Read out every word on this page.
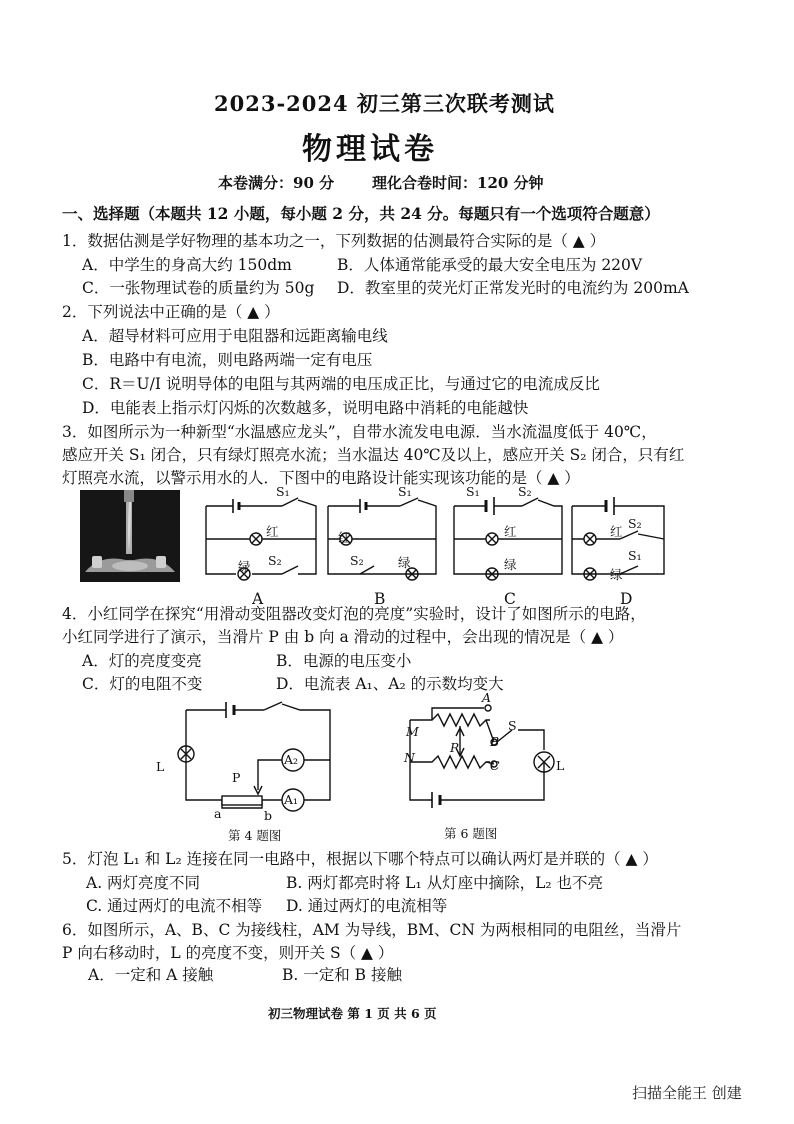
2023-2024 初三第三次联考测试
物理试卷
本卷满分：90 分	理化合卷时间：120 分钟
一、选择题（本题共 12 小题，每小题 2 分，共 24 分。每题只有一个选项符合题意）
1．数据估测是学好物理的基本功之一，下列数据的估测最符合实际的是（ ▲ ）
A．中学生的身高大约 150dm	B．人体通常能承受的最大安全电压为 220V
C．一张物理试卷的质量约为 50g D．教室里的荧光灯正常发光时的电流约为 200mA
2．下列说法中正确的是（ ▲ ）
A．超导材料可应用于电阻器和远距离输电线
B．电路中有电流，则电路两端一定有电压
C．R＝U/I 说明导体的电阻与其两端的电压成正比，与通过它的电流成反比
D．电能表上指示灯闪烁的次数越多，说明电路中消耗的电能越快
3．如图所示为一种新型“水温感应龙头”，自带水流发电电源．当水流温度低于 40℃，
感应开关 S₁ 闭合，只有绿灯照亮水流；当水温达 40℃及以上，感应开关 S₂ 闭合，只有红
灯照亮水流，以警示用水的人．下图中的电路设计能实现该功能的是（ ▲ ）
S₁
红
绿 S₂
S₁
红
S₂	绿
S₁	S₂
红
绿
红
S₂
绿
S₁
A	B	C	D
4．小红同学在探究“用滑动变阻器改变灯泡的亮度”实验时，设计了如图所示的电路，
小红同学进行了演示，当滑片 P 由 b 向 a 滑动的过程中，会出现的情况是（ ▲ ）
A．灯的亮度变亮	B．电源的电压变小
C．灯的电阻不变	D．电流表 A₁、A₂ 的示数均变大
L
P
a	b
A₂
A₁
第 4 题图
A
M
N
P	B
C
S
L
第 6 题图
5．灯泡 L₁ 和 L₂ 连接在同一电路中，根据以下哪个特点可以确认两灯是并联的（ ▲ ）
A. 两灯亮度不同	B. 两灯都亮时将 L₁ 从灯座中摘除，L₂ 也不亮
C. 通过两灯的电流不相等 D. 通过两灯的电流相等
6．如图所示，A、B、C 为接线柱，AM 为导线，BM、CN 为两根相同的电阻丝，当滑片
P 向右移动时，L 的亮度不变，则开关 S（ ▲ ）
A．一定和 A 接触	B. 一定和 B 接触
初三物理试卷 第 1 页 共 6 页
扫描全能王 创建
